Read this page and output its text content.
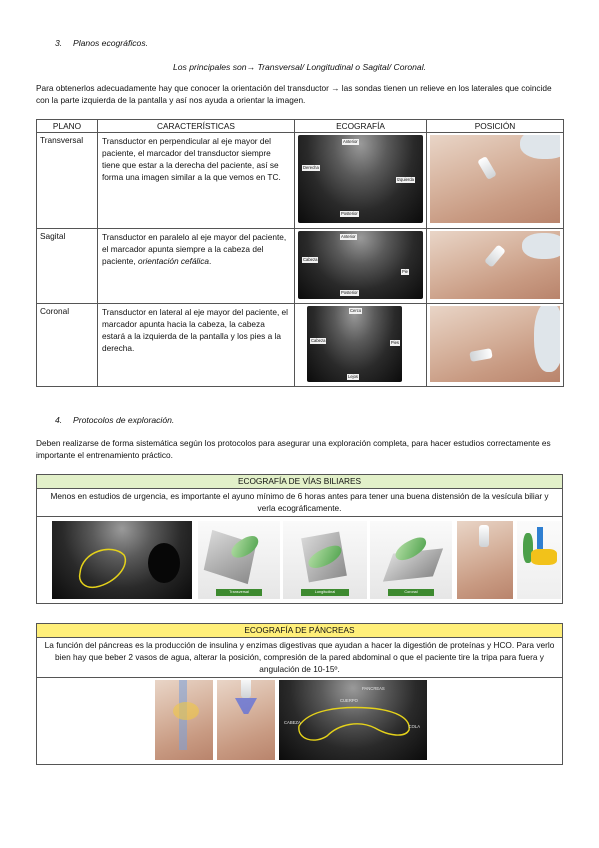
3. Planos ecográficos.
Los principales son→ Transversal/ Longitudinal o Sagital/ Coronal.
Para obtenerlos adecuadamente hay que conocer la orientación del transductor → las sondas tienen un relieve en los laterales que coincide con la parte izquierda de la pantalla y así nos ayuda a orientar la imagen.
PLANO	CARACTERÍSTICAS	ECOGRAFÍA	POSICIÓN
Transversal	Transductor en perpendicular al eje mayor del paciente, el marcador del transductor siempre tiene que estar a la derecha del paciente, así se forma una imagen similar a la que vemos en TC.	Anterior
Derecha
Izquierda
Posterior	

Sagital	Transductor en paralelo al eje mayor del paciente, el marcador apunta siempre a la cabeza del paciente, orientación cefálica.	Anterior
Cabeza
Pie
Posterior	

Coronal	Transductor en lateral al eje mayor del paciente, el marcador apunta hacia la cabeza, la cabeza estará a la izquierda de la pantalla y los pies a la derecha.	Cerco
Cabeza Pies
Lejos	

4. Protocolos de exploración.
Deben realizarse de forma sistemática según los protocolos para asegurar una exploración completa, para hacer estudios correctamente es importante el entrenamiento práctico.
ECOGRAFÍA DE VÍAS BILIARES
Menos en estudios de urgencia, es importante el ayuno mínimo de 6 horas antes para tener una buena distensión de la vesícula biliar y verla ecográficamente.
Transversal	Longitudinal	Coronal
ECOGRAFÍA DE PÁNCREAS
La función del páncreas es la producción de insulina y enzimas digestivas que ayudan a hacer la digestión de proteínas y HCO. Para verlo bien hay que beber 2 vasos de agua, alterar la posición, compresión de la pared abdominal o que el paciente tire la tripa para fuera y angulación de 10-15º.
PANCREAS
CABEZA
COLA
CUERPO
